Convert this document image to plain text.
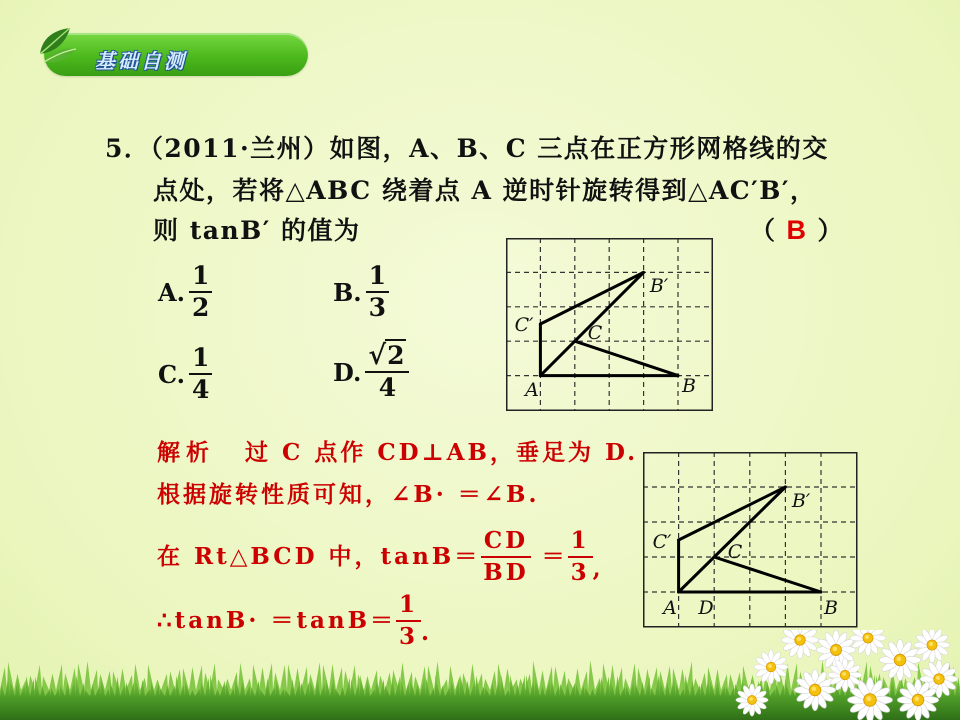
基础自测
5．（2011·兰州）如图，A、B、C 三点在正方形网格线的交
点处，若将△ABC 绕着点 A 逆时针旋转得到△AC′B′，
则 tanB′ 的值为	（ B ）
A. $\frac{1}{2}$	B. $\frac{1}{3}$
C. $\frac{1}{4}$	D. $\frac{√2}{4}$	A	B
C
C′
B′
解析 过 C 点作 CD⊥AB，垂足为 D.
根据旋转性质可知，∠B· ＝∠B.
在 Rt△BCD 中，$\tan B= \frac{CD}{BD} = \frac{1}{3}$ ,
∴tanB· $=\tan B= \frac{1}{3}$ .
A D	B
C
C′
B′
